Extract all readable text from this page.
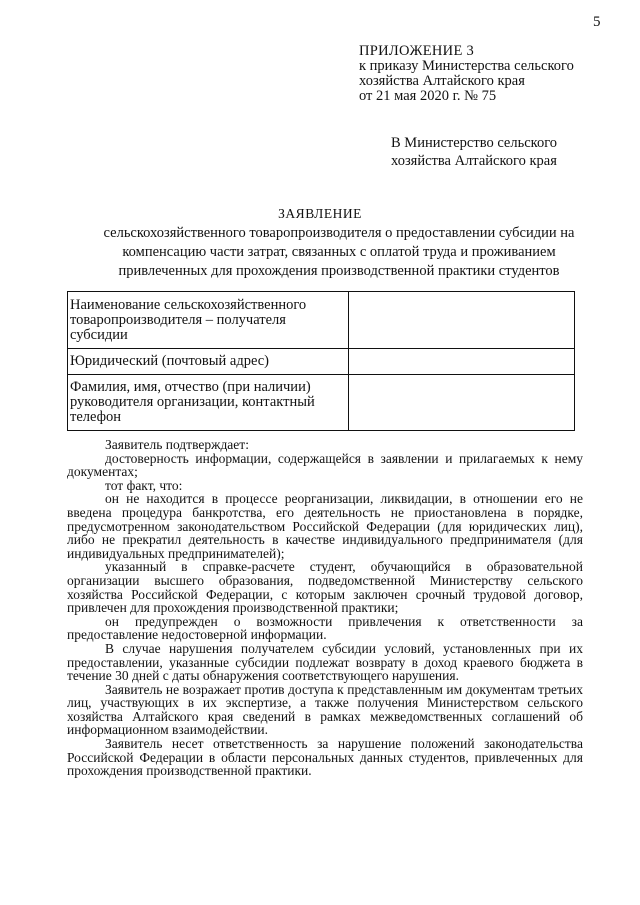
5
ПРИЛОЖЕНИЕ 3
к приказу Министерства сельского
хозяйства Алтайского края
от 21 мая 2020 г. № 75
В Министерство сельского
хозяйства Алтайского края
ЗАЯВЛЕНИЕ
сельскохозяйственного товаропроизводителя о предоставлении субсидии на компенсацию части затрат, связанных с оплатой труда и проживанием привлеченных для прохождения производственной практики студентов
Наименование сельскохозяйственного товаропроизводителя – получателя субсидии	
Юридический (почтовый адрес)	
Фамилия, имя, отчество (при наличии) руководителя организации, контактный телефон	

Заявитель подтверждает:

достоверность информации, содержащейся в заявлении и прилагаемых к нему документах;

тот факт, что:

он не находится в процессе реорганизации, ликвидации, в отношении его не введена процедура банкротства, его деятельность не приостановлена в порядке, предусмотренном законодательством Российской Федерации (для юридических лиц), либо не прекратил деятельность в качестве индивидуального предпринимателя (для индивидуальных предпринимателей);

указанный в справке-расчете студент, обучающийся в образовательной организации высшего образования, подведомственной Министерству сельского хозяйства Российской Федерации, с которым заключен срочный трудовой договор, привлечен для прохождения производственной практики;

он предупрежден о возможности привлечения к ответственности за предоставление недостоверной информации.

В случае нарушения получателем субсидии условий, установленных при их предоставлении, указанные субсидии подлежат возврату в доход краевого бюджета в течение 30 дней с даты обнаружения соответствующего нарушения.

Заявитель не возражает против доступа к представленным им документам третьих лиц, участвующих в их экспертизе, а также получения Министерством сельского хозяйства Алтайского края сведений в рамках межведомственных соглашений об информационном взаимодействии.

Заявитель несет ответственность за нарушение положений законодательства Российской Федерации в области персональных данных студентов, привлеченных для прохождения производственной практики.
